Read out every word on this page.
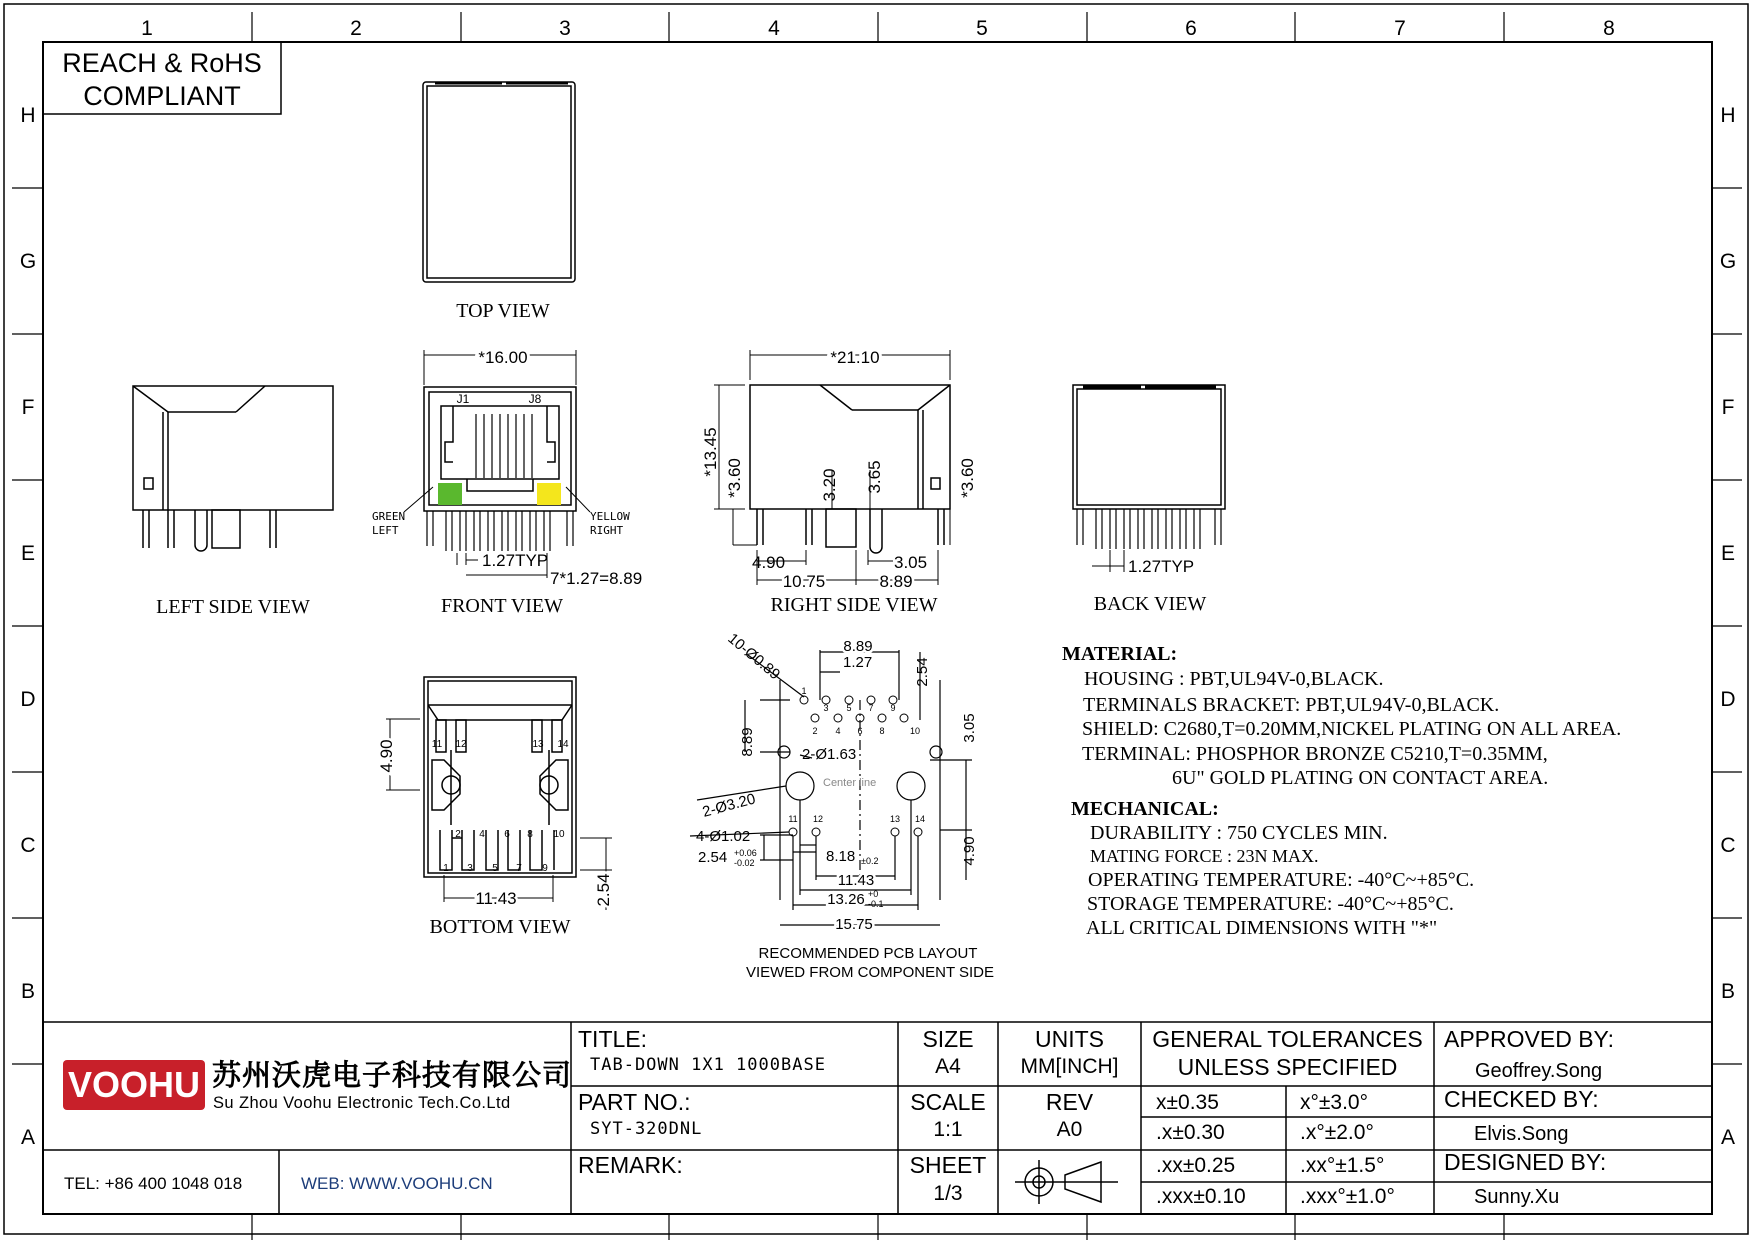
1	2	3	4	5	6	7	8
H
G
F
E
D
C
B
A
H
G
F
E
D
C
B
A
REACH & RoHS
COMPLIANT
TOP VIEW
LEFT SIDE VIEW
*16.00
J1	J8
GREEN
LEFT
YELLOW
RIGHT
1.27TYP
7*1.27=8.89
FRONT VIEW
*21.10
*13.45
*3.60	3.20 3.65	*3.60
4.90	3.05
10.75	8.89
RIGHT SIDE VIEW
1.27TYP
BACK VIEW
11 12	13 14
2 4 6 8 10
1 3 5 7 9
4.90
11.43	2.54
BOTTOM VIEW
1
3 5 7 9
2 4 6 8	10
11 12	13 14
10-Ø0.89	8.89
1.27	2.54
8.89	3.05
2-Ø1.63
Center line
2-Ø3.20
4-Ø1.02
2.54 +0.06
-0.02	8.18 ±0.2
11.43
13.26 +0
-0.1
15.75
4.90
RECOMMENDED PCB LAYOUT
VIEWED FROM COMPONENT SIDE
MATERIAL:
HOUSING : PBT,UL94V-0,BLACK.
TERMINALS BRACKET: PBT,UL94V-0,BLACK.
SHIELD: C2680,T=0.20MM,NICKEL PLATING ON ALL AREA.
TERMINAL: PHOSPHOR BRONZE C5210,T=0.35MM,
6U" GOLD PLATING ON CONTACT AREA.
MECHANICAL:
DURABILITY : 750 CYCLES MIN.
MATING FORCE : 23N MAX.
OPERATING TEMPERATURE: -40°C~+85°C.
STORAGE TEMPERATURE: -40°C~+85°C.
ALL CRITICAL DIMENSIONS WITH "*"
VOOHU 苏州沃虎电子科技有限公司
Su Zhou Voohu Electronic Tech.Co.Ltd
TEL: +86 400 1048 018	WEB: WWW.VOOHU.CN
TITLE:
TAB-DOWN 1X1 1000BASE
PART NO.:
SYT-320DNL
REMARK:
SIZE
A4
SCALE
1:1
SHEET
1/3
UNITS
MM[INCH]
REV
A0
GENERAL TOLERANCES
UNLESS SPECIFIED
x±0.35	x°±3.0°
.x±0.30	.x°±2.0°
.xx±0.25	.xx°±1.5°
.xxx±0.10	.xxx°±1.0°
APPROVED BY:
Geoffrey.Song
CHECKED BY:
Elvis.Song
DESIGNED BY:
Sunny.Xu
